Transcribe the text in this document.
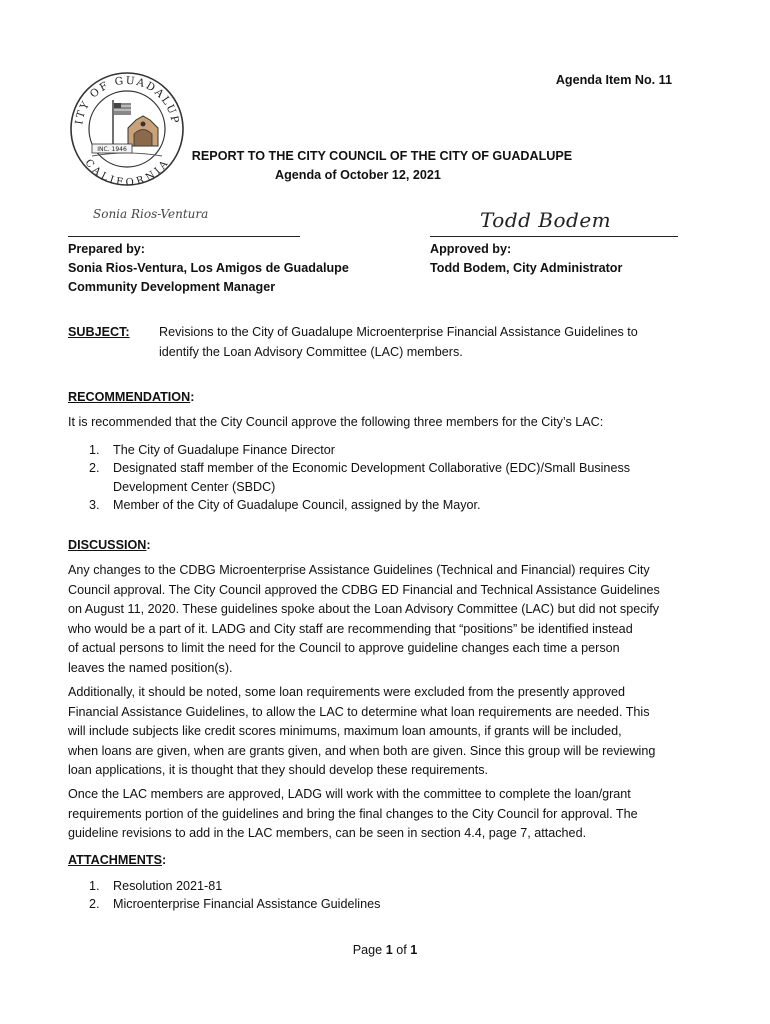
ITY OF GUADALUP
CALIFORNIA
INC. 1946
Agenda Item No. 11
REPORT TO THE CITY COUNCIL OF THE CITY OF GUADALUPE
Agenda of October 12, 2021
Sonia Rios-Ventura	Todd Bodem
Prepared by:
Sonia Rios-Ventura, Los Amigos de Guadalupe
Community Development Manager
Approved by:
Todd Bodem, City Administrator
SUBJECT: Revisions to the City of Guadalupe Microenterprise Financial Assistance Guidelines to
identify the Loan Advisory Committee (LAC) members.
RECOMMENDATION:
It is recommended that the City Council approve the following three members for the City’s LAC:
1. The City of Guadalupe Finance Director
2. Designated staff member of the Economic Development Collaborative (EDC)/Small Business
Development Center (SBDC)
3. Member of the City of Guadalupe Council, assigned by the Mayor.
DISCUSSION:
Any changes to the CDBG Microenterprise Assistance Guidelines (Technical and Financial) requires City
Council approval. The City Council approved the CDBG ED Financial and Technical Assistance Guidelines
on August 11, 2020. These guidelines spoke about the Loan Advisory Committee (LAC) but did not specify
who would be a part of it. LADG and City staff are recommending that “positions” be identified instead
of actual persons to limit the need for the Council to approve guideline changes each time a person
leaves the named position(s).
Additionally, it should be noted, some loan requirements were excluded from the presently approved
Financial Assistance Guidelines, to allow the LAC to determine what loan requirements are needed. This
will include subjects like credit scores minimums, maximum loan amounts, if grants will be included,
when loans are given, when are grants given, and when both are given. Since this group will be reviewing
loan applications, it is thought that they should develop these requirements.
Once the LAC members are approved, LADG will work with the committee to complete the loan/grant
requirements portion of the guidelines and bring the final changes to the City Council for approval. The
guideline revisions to add in the LAC members, can be seen in section 4.4, page 7, attached.
ATTACHMENTS:
1. Resolution 2021-81
2. Microenterprise Financial Assistance Guidelines
Page 1 of 1
